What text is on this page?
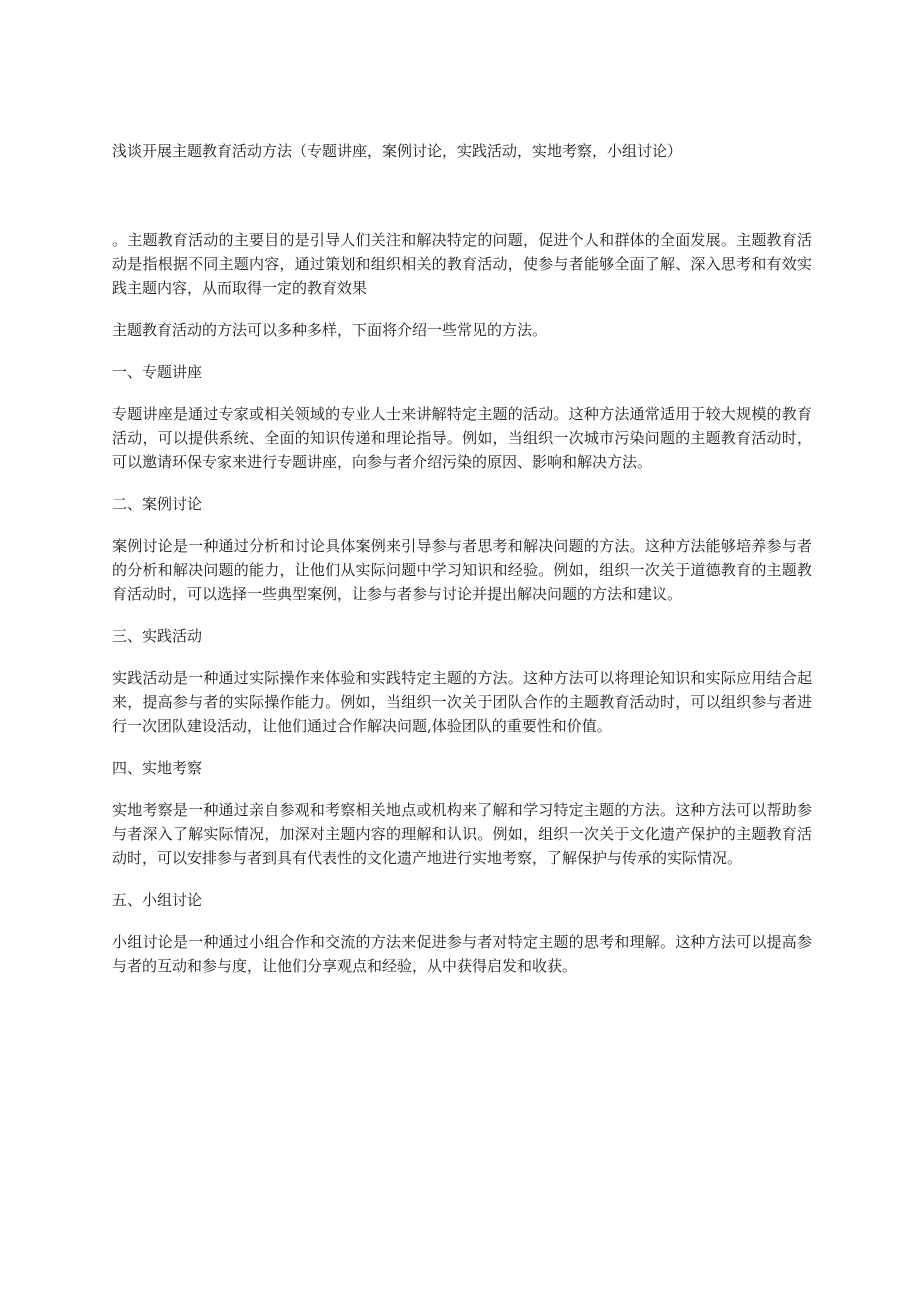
浅谈开展主题教育活动方法（专题讲座，案例讨论，实践活动，实地考察，小组讨论）

。主题教育活动的主要目的是引导人们关注和解决特定的问题，促进个人和群体的全面发展。主题教育活动是指根据不同主题内容，通过策划和组织相关的教育活动，使参与者能够全面了解、深入思考和有效实践主题内容，从而取得一定的教育效果

主题教育活动的方法可以多种多样，下面将介绍一些常见的方法。

一、专题讲座

专题讲座是通过专家或相关领域的专业人士来讲解特定主题的活动。这种方法通常适用于较大规模的教育活动，可以提供系统、全面的知识传递和理论指导。例如，当组织一次城市污染问题的主题教育活动时，可以邀请环保专家来进行专题讲座，向参与者介绍污染的原因、影响和解决方法。

二、案例讨论

案例讨论是一种通过分析和讨论具体案例来引导参与者思考和解决问题的方法。这种方法能够培养参与者的分析和解决问题的能力，让他们从实际问题中学习知识和经验。例如，组织一次关于道德教育的主题教育活动时，可以选择一些典型案例，让参与者参与讨论并提出解决问题的方法和建议。

三、实践活动

实践活动是一种通过实际操作来体验和实践特定主题的方法。这种方法可以将理论知识和实际应用结合起来，提高参与者的实际操作能力。例如，当组织一次关于团队合作的主题教育活动时，可以组织参与者进行一次团队建设活动，让他们通过合作解决问题,体验团队的重要性和价值。

四、实地考察

实地考察是一种通过亲自参观和考察相关地点或机构来了解和学习特定主题的方法。这种方法可以帮助参与者深入了解实际情况，加深对主题内容的理解和认识。例如，组织一次关于文化遗产保护的主题教育活动时，可以安排参与者到具有代表性的文化遗产地进行实地考察，了解保护与传承的实际情况。

五、小组讨论

小组讨论是一种通过小组合作和交流的方法来促进参与者对特定主题的思考和理解。这种方法可以提高参与者的互动和参与度，让他们分享观点和经验，从中获得启发和收获。
